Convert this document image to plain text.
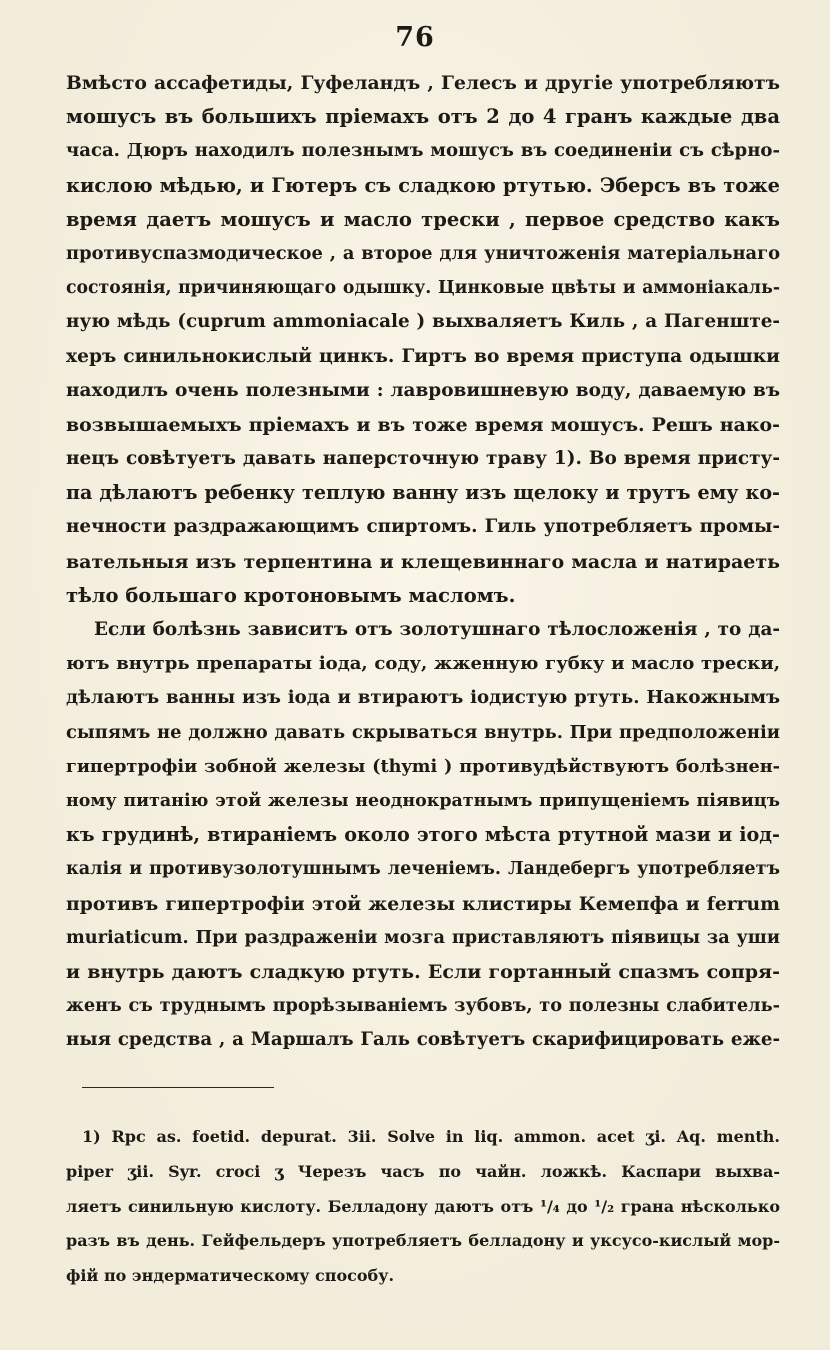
76
Вмѣсто ассафетиды, Гуфеландъ , Гелесъ и другіе употребляютъ
мошусъ въ большихъ пріемахъ отъ 2 до 4 гранъ каждые два
часа. Дюръ находилъ полезнымъ мошусъ въ соединеніи съ сѣрно-
кислою мѣдью, и Гютеръ съ сладкою ртутью. Эберсъ въ тоже
время даетъ мошусъ и масло трески , первое средство какъ
противуспазмодическое , а второе для уничтоженія матеріальнаго
состоянія, причиняющаго одышку. Цинковые цвѣты и аммоніакаль-
ную мѣдь (cuprum ammoniacale ) выхваляетъ Киль , а Пагенште-
херъ синильнокислый цинкъ. Гиртъ во время приступа одышки
находилъ очень полезными : лавровишневую воду, даваемую въ
возвышаемыхъ пріемахъ и въ тоже время мошусъ. Решъ нако-
нецъ совѣтуетъ давать наперсточную траву 1). Во время присту-
па дѣлаютъ ребенку теплую ванну изъ щелоку и трутъ ему ко-
нечности раздражающимъ спиртомъ. Гиль употребляетъ промы-
вательныя изъ терпентина и клещевиннаго масла и натираеть
тѣло большаго кротоновымъ масломъ.
Если болѣзнь зависитъ отъ золотушнаго тѣлосложенія , то да-
ютъ внутрь препараты іода, соду, жженную губку и масло трески,
дѣлаютъ ванны изъ іода и втираютъ іодистую ртуть. Накожнымъ
сыпямъ не должно давать скрываться внутрь. При предположеніи
гипертрофіи зобной железы (thymi ) противудѣйствуютъ болѣзнен-
ному питанію этой железы неоднократнымъ припущеніемъ піявицъ
къ грудинѣ, втираніемъ около этого мѣста ртутной мази и іод-
калія и противузолотушнымъ леченіемъ. Ландебергъ употребляетъ
противъ гипертрофіи этой железы клистиры Кемепфа и ferrum
muriaticum. При раздраженіи мозга приставляютъ піявицы за уши
и внутрь даютъ сладкую ртуть. Если гортанный спазмъ сопря-
женъ съ труднымъ прорѣзываніемъ зубовъ, то полезны слабитель-
ныя средства , а Маршалъ Галь совѣтуетъ скарифицировать еже-
1) Rpc as. foetid. depurat. 3ii. Solve in liq. ammon. acet ʒi. Aq. menth.
piper ʒii. Syr. croci ʒ Черезъ часъ по чайн. ложкѣ. Каспари выхва-
ляетъ синильную кислоту. Белладону даютъ отъ ¹/₄ до ¹/₂ грана нѣсколько
разъ въ день. Гейфельдеръ употребляетъ белладону и уксусо-кислый мор-
фій по эндерматическому способу.
